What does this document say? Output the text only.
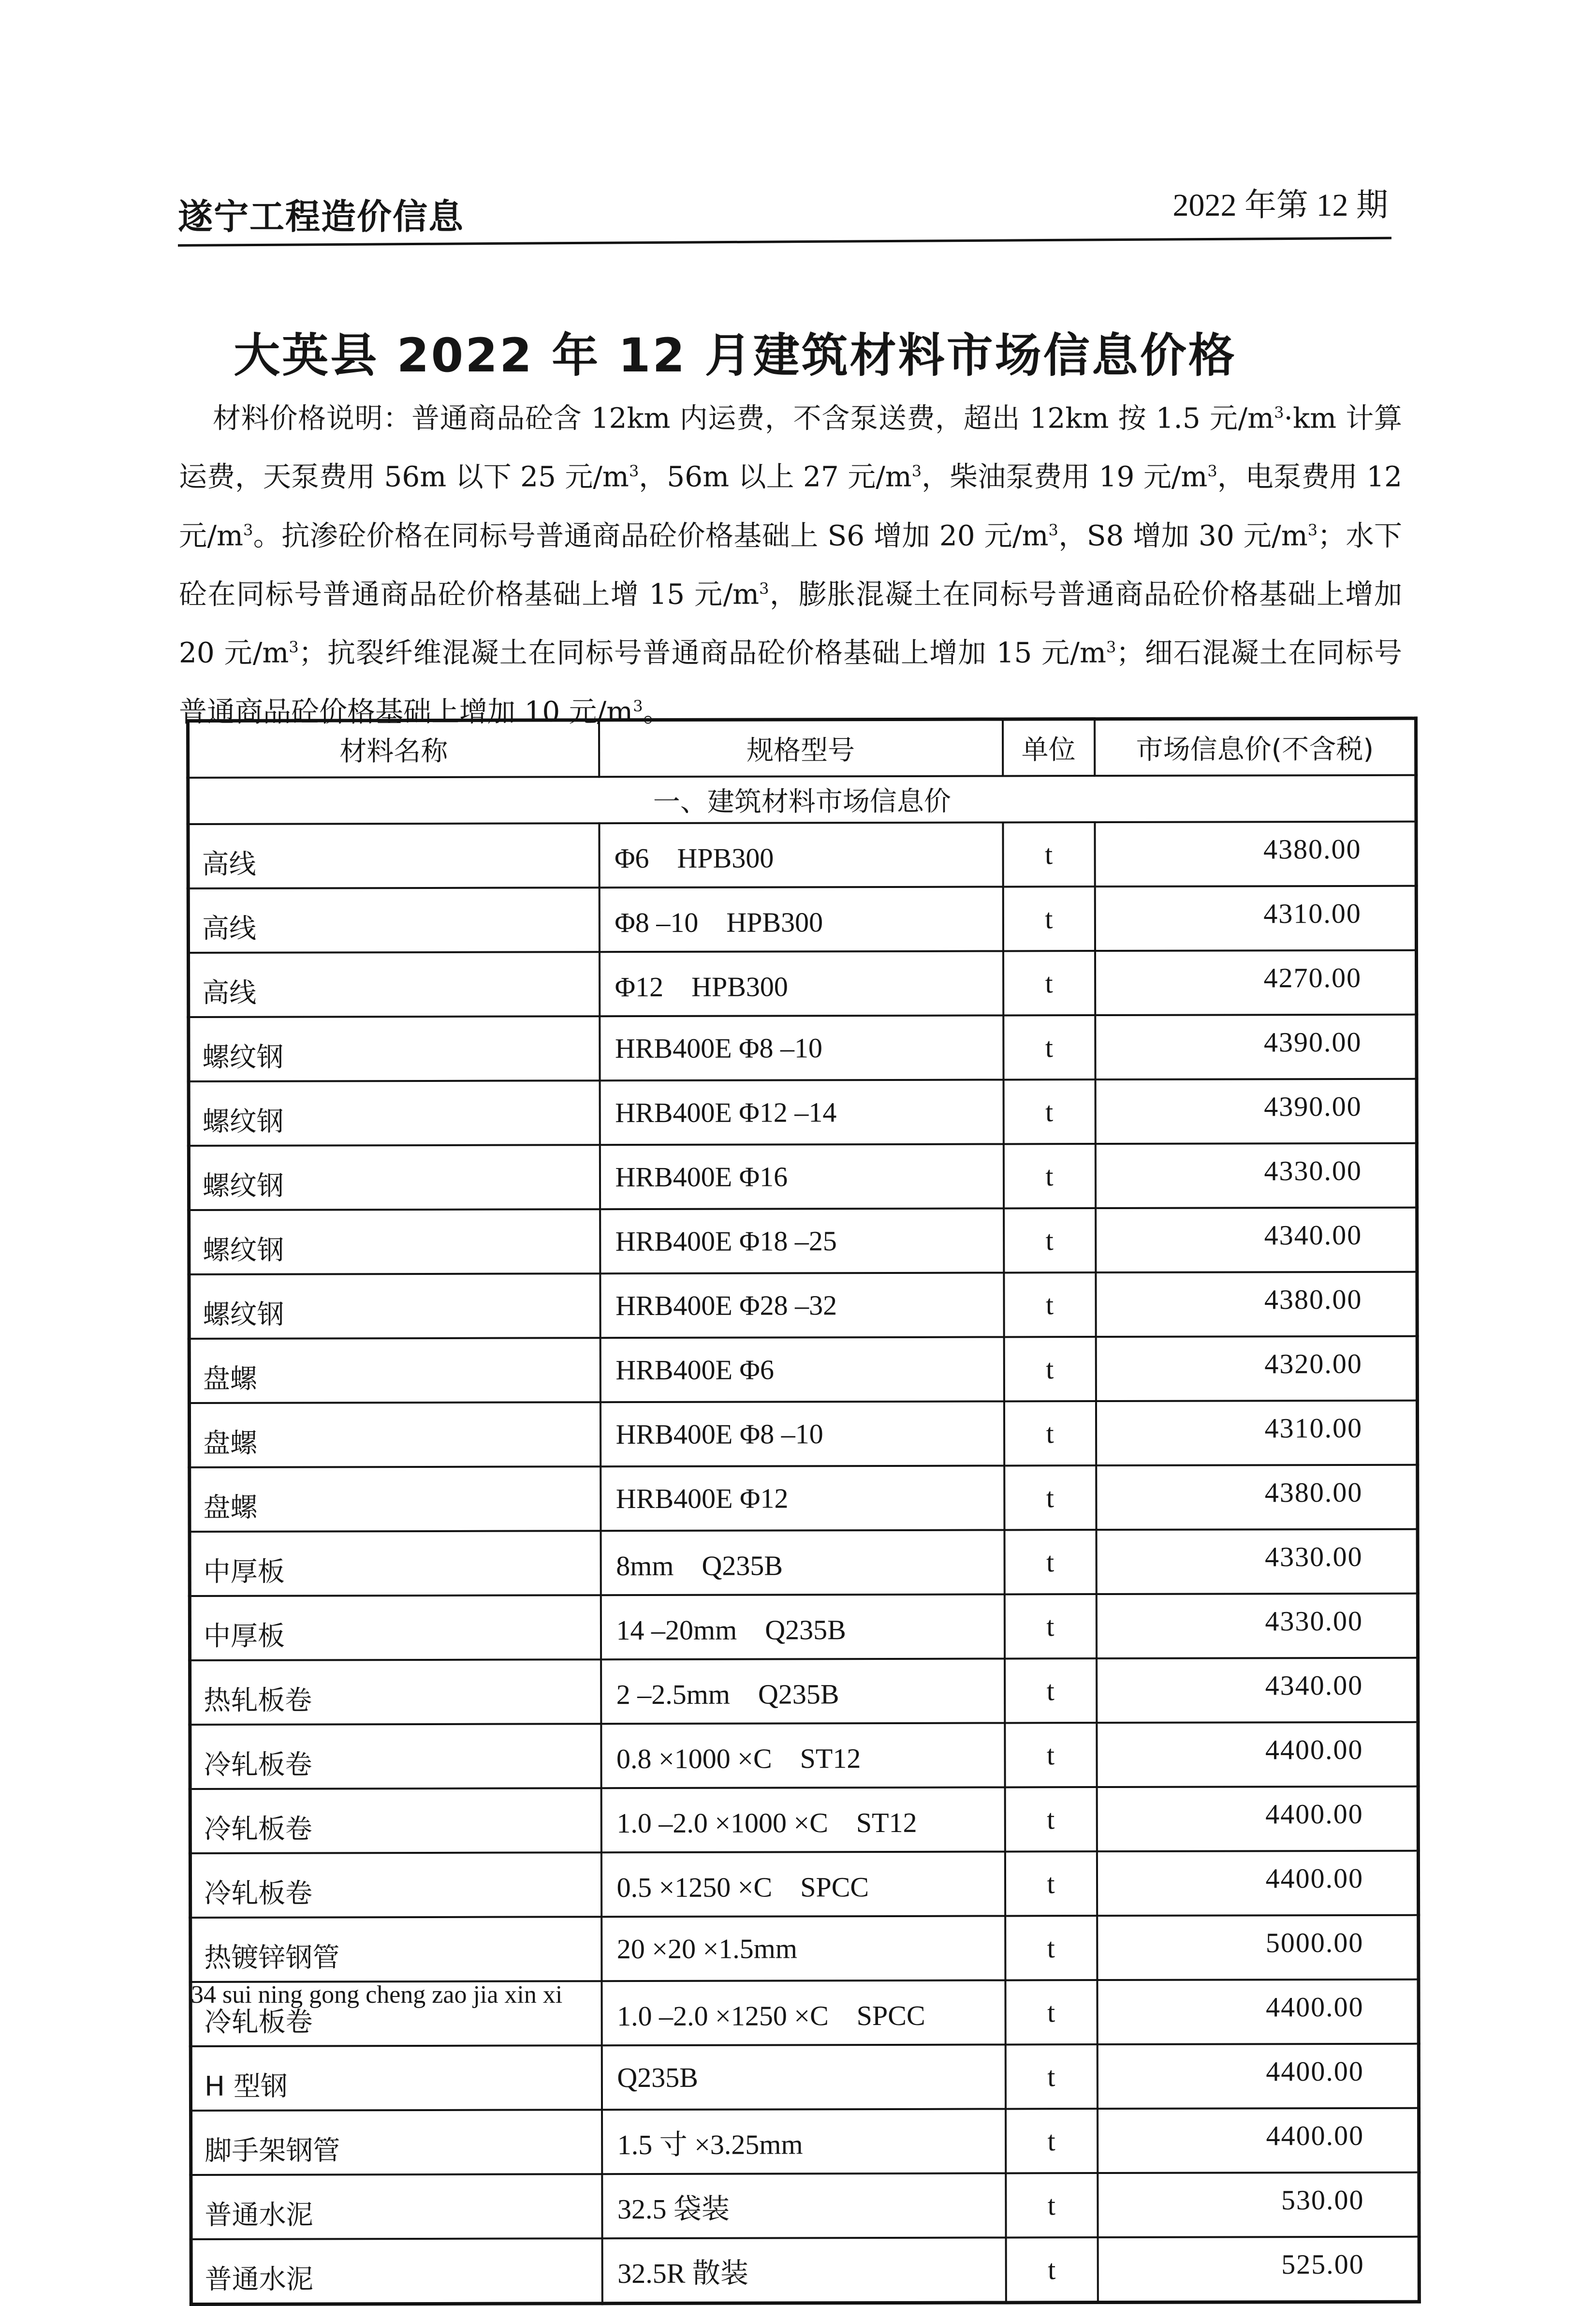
遂宁工程造价信息	2022 年第 12 期
大英县 2022 年 12 月建筑材料市场信息价格

材料价格说明：普通商品砼含 12km 内运费，不含泵送费，超出 12km 按 1.5 元$/m^3\cdot km$ 计算运费，天泵费用 56m 以下 25 元$/m^3$，56m 以上 27 元$/m^3$，柴油泵费用 19 元$/m^3$，电泵费用 12 元$/m^3$。抗渗砼价格在同标号普通商品砼价格基础上 S6 增加 20 元$/m^3$，S8 增加 30 元$/m^3$；水下砼在同标号普通商品砼价格基础上增 15 元$/m^3$，膨胀混凝土在同标号普通商品砼价格基础上增加 20 元$/m^3$；抗裂纤维混凝土在同标号普通商品砼价格基础上增加 15 元$/m^3$；细石混凝土在同标号普通商品砼价格基础上增加 10 元$/m^3$。

材料名称	规格型号	单位	市场信息价(不含税)
一、建筑材料市场信息价			
高线	Φ6　HPB300	t	4380.00
高线	Φ8 –10　HPB300	t	4310.00
高线	Φ12　HPB300	t	4270.00
螺纹钢	HRB400E Φ8 –10	t	4390.00
螺纹钢	HRB400E Φ12 –14	t	4390.00
螺纹钢	HRB400E Φ16	t	4330.00
螺纹钢	HRB400E Φ18 –25	t	4340.00
螺纹钢	HRB400E Φ28 –32	t	4380.00
盘螺	HRB400E Φ6	t	4320.00
盘螺	HRB400E Φ8 –10	t	4310.00
盘螺	HRB400E Φ12	t	4380.00
中厚板	8mm　Q235B	t	4330.00
中厚板	14 –20mm　Q235B	t	4330.00
热轧板卷	2 –2.5mm　Q235B	t	4340.00
冷轧板卷	0.8 ×1000 ×C　ST12	t	4400.00
冷轧板卷	1.0 –2.0 ×1000 ×C　ST12	t	4400.00
冷轧板卷	0.5 ×1250 ×C　SPCC	t	4400.00
热镀锌钢管	20 ×20 ×1.5mm	t	5000.00
冷轧板卷	1.0 –2.0 ×1250 ×C　SPCC	t	4400.00
H 型钢	Q235B	t	4400.00
脚手架钢管	1.5 寸 ×3.25mm	t	4400.00
普通水泥	32.5 袋装	t	530.00
普通水泥	32.5R 散装	t	525.00
34 sui ning gong cheng zao jia xin xi
